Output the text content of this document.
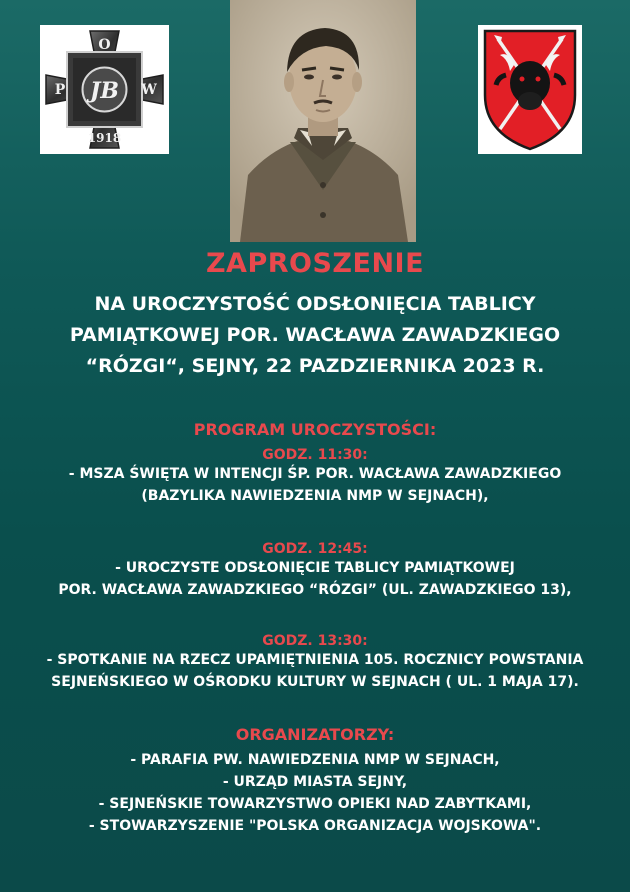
O
P	W
JB
1918
ZAPROSZENIE
NA UROCZYSTOŚĆ ODSŁONIĘCIA TABLICY
PAMIĄTKOWEJ POR. WACŁAWA ZAWADZKIEGO
“RÓZGI“, SEJNY, 22 PAZDZIERNIKA 2023 R.
PROGRAM UROCZYSTOŚCI:
GODZ. 11:30:
- MSZA ŚWIĘTA W INTENCJI ŚP. POR. WACŁAWA ZAWADZKIEGO
(BAZYLIKA NAWIEDZENIA NMP W SEJNACH),
GODZ. 12:45:
- UROCZYSTE ODSŁONIĘCIE TABLICY PAMIĄTKOWEJ
POR. WACŁAWA ZAWADZKIEGO “RÓZGI” (UL. ZAWADZKIEGO 13),
GODZ. 13:30:
- SPOTKANIE NA RZECZ UPAMIĘTNIENIA 105. ROCZNICY POWSTANIA
SEJNEŃSKIEGO W OŚRODKU KULTURY W SEJNACH ( UL. 1 MAJA 17).
ORGANIZATORZY:
- PARAFIA PW. NAWIEDZENIA NMP W SEJNACH,
- URZĄD MIASTA SEJNY,
- SEJNEŃSKIE TOWARZYSTWO OPIEKI NAD ZABYTKAMI,
- STOWARZYSZENIE "POLSKA ORGANIZACJA WOJSKOWA".
